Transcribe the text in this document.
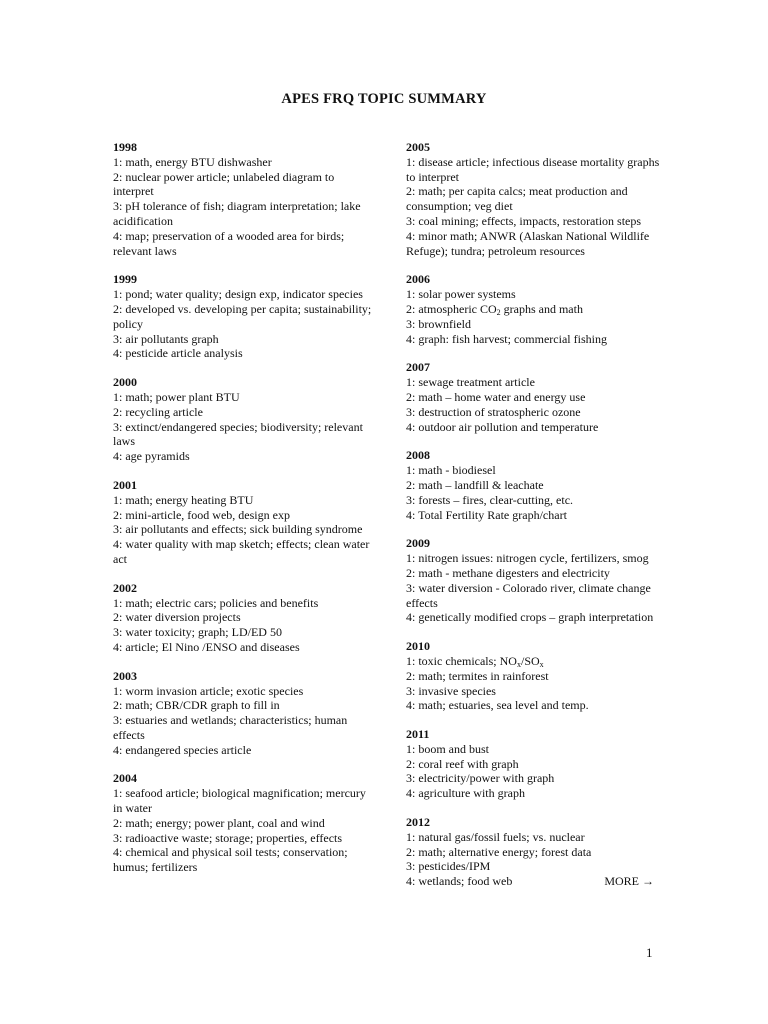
APES FRQ TOPIC SUMMARY
1998
1: math, energy BTU dishwasher
2: nuclear power article; unlabeled diagram to interpret
3: pH tolerance of fish; diagram interpretation; lake acidification
4: map; preservation of a wooded area for birds; relevant laws
1999
1: pond; water quality; design exp, indicator species
2: developed vs. developing per capita; sustainability; policy
3: air pollutants graph
4: pesticide article analysis
2000
1: math; power plant BTU
2: recycling article
3: extinct/endangered species; biodiversity; relevant laws
4: age pyramids
2001
1: math; energy heating BTU
2: mini-article, food web, design exp
3: air pollutants and effects; sick building syndrome
4: water quality with map sketch; effects; clean water act
2002
1: math; electric cars; policies and benefits
2: water diversion projects
3: water toxicity; graph; LD/ED 50
4: article; El Nino /ENSO and diseases
2003
1: worm invasion article; exotic species
2: math; CBR/CDR graph to fill in
3: estuaries and wetlands; characteristics; human effects
4: endangered species article
2004
1: seafood article; biological magnification; mercury in water
2: math; energy; power plant, coal and wind
3: radioactive waste; storage; properties, effects
4: chemical and physical soil tests; conservation; humus; fertilizers
2005
1: disease article; infectious disease mortality graphs to interpret
2: math; per capita calcs; meat production and consumption; veg diet
3: coal mining; effects, impacts, restoration steps
4: minor math; ANWR (Alaskan National Wildlife Refuge); tundra; petroleum resources
2006
1: solar power systems
2: atmospheric $CO_2$ graphs and math
3: brownfield
4: graph: fish harvest; commercial fishing
2007
1: sewage treatment article
2: math – home water and energy use
3: destruction of stratospheric ozone
4: outdoor air pollution and temperature
2008
1: math - biodiesel
2: math – landfill & leachate
3: forests – fires, clear-cutting, etc.
4: Total Fertility Rate graph/chart
2009
1: nitrogen issues: nitrogen cycle, fertilizers, smog
2: math - methane digesters and electricity
3: water diversion - Colorado river, climate change effects
4: genetically modified crops – graph interpretation
2010
1: toxic chemicals; $NO_x/SO_x$
2: math; termites in rainforest
3: invasive species
4: math; estuaries, sea level and temp.
2011
1: boom and bust
2: coral reef with graph
3: electricity/power with graph
4: agriculture with graph
2012
1: natural gas/fossil fuels; vs. nuclear
2: math; alternative energy; forest data
3: pesticides/IPM
4: wetlands; food web	MORE →
1
